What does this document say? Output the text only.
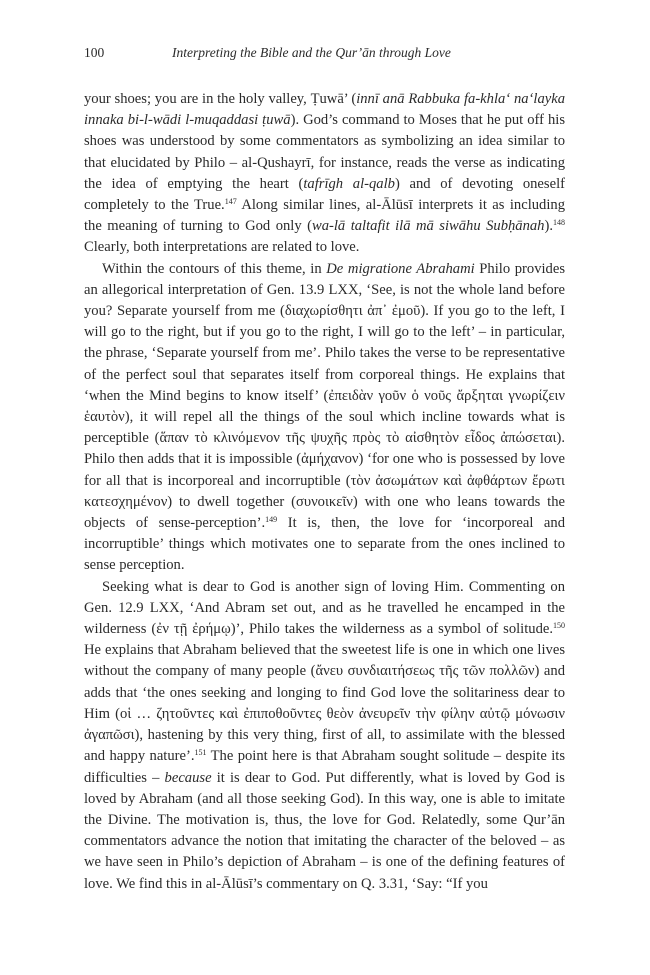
100	Interpreting the Bible and the Qur’ān through Love

your shoes; you are in the holy valley, Ṭuwā’ (innī anā Rabbuka fa-khla‘ na‘layka innaka bi-l-wādi l-muqaddasi ṭuwā). God’s command to Moses that he put off his shoes was understood by some commentators as symbolizing an idea similar to that elucidated by Philo – al-Qushayrī, for instance, reads the verse as indicating the idea of emptying the heart (tafrīgh al-qalb) and of devoting oneself completely to the True.$^{147}$ Along similar lines, al-Ālūsī interprets it as including the meaning of turning to God only (wa-lā taltafit ilā mā siwāhu Subḥānah).$^{148}$ Clearly, both interpretations are related to love.

Within the contours of this theme, in De migratione Abrahami Philo provides an allegorical interpretation of Gen. 13.9 LXX, ‘See, is not the whole land before you? Separate yourself from me (διαχωρίσθητι ἀπ᾽ ἐμοῦ). If you go to the left, I will go to the right, but if you go to the right, I will go to the left’ – in particular, the phrase, ‘Separate yourself from me’. Philo takes the verse to be representative of the perfect soul that separates itself from corporeal things. He explains that ‘when the Mind begins to know itself’ (ἐπειδὰν γοῦν ὁ νοῦς ἄρξηται γνωρίζειν ἑαυτὸν), it will repel all the things of the soul which incline towards what is perceptible (ἅπαν τὸ κλινόμενον τῆς ψυχῆς πρὸς τὸ αἰσθητὸν εἶδος ἀπώσεται). Philo then adds that it is impossible (ἀμήχανον) ‘for one who is possessed by love for all that is incorporeal and incorruptible (τὸν ἀσωμάτων καὶ ἀφθάρτων ἔρωτι κατεσχημένον) to dwell together (συνοικεῖν) with one who leans towards the objects of sense-perception’.$^{149}$ It is, then, the love for ‘incorporeal and incorruptible’ things which motivates one to separate from the ones inclined to sense perception.

Seeking what is dear to God is another sign of loving Him. Commenting on Gen. 12.9 LXX, ‘And Abram set out, and as he travelled he encamped in the wilderness (ἐν τῇ ἐρήμῳ)’, Philo takes the wilderness as a symbol of solitude.$^{150}$ He explains that Abraham believed that the sweetest life is one in which one lives without the company of many people (ἄνευ συνδιαιτήσεως τῆς τῶν πολλῶν) and adds that ‘the ones seeking and longing to find God love the solitariness dear to Him (οἱ … ζητοῦντες καὶ ἐπιποθοῦντες θεὸν ἀνευρεῖν τὴν φίλην αὐτῷ μόνωσιν ἀγαπῶσι), hastening by this very thing, first of all, to assimilate with the blessed and happy nature’.$^{151}$ The point here is that Abraham sought solitude – despite its difficulties – because it is dear to God. Put differently, what is loved by God is loved by Abraham (and all those seeking God). In this way, one is able to imitate the Divine. The motivation is, thus, the love for God. Relatedly, some Qur’ān commentators advance the notion that imitating the character of the beloved – as we have seen in Philo’s depiction of Abraham – is one of the defining features of love. We find this in al-Ālūsī’s commentary on Q. 3.31, ‘Say: “If you
